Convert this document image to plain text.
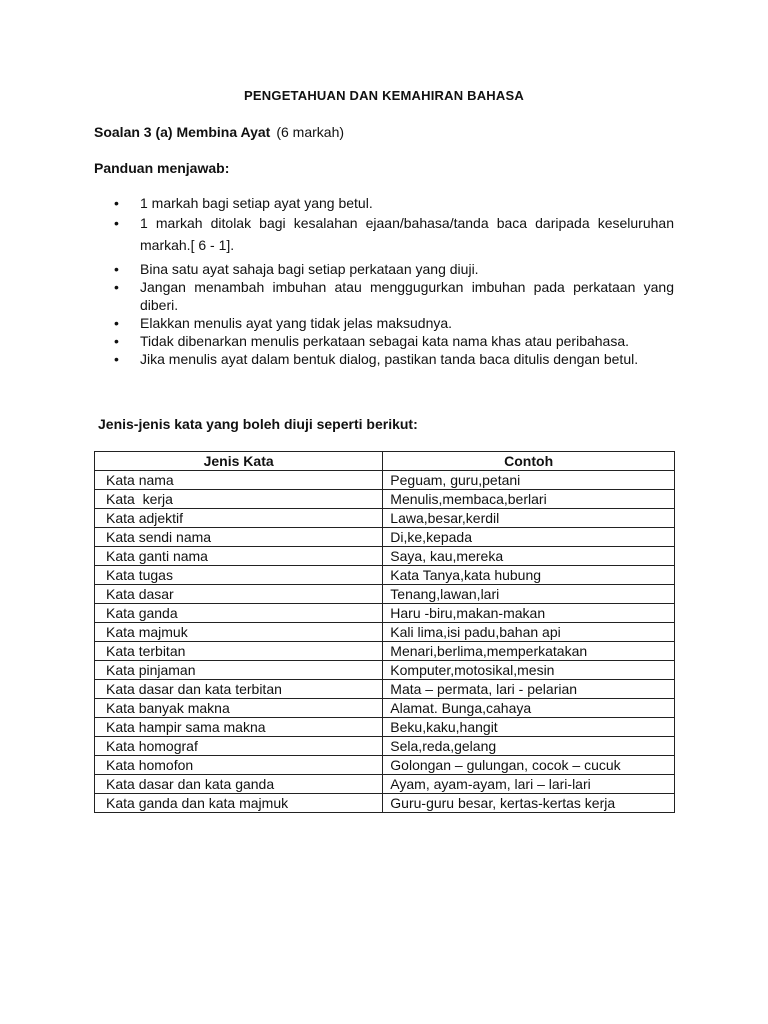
PENGETAHUAN DAN KEMAHIRAN BAHASA
Soalan 3 (a) Membina Ayat (6 markah)
Panduan menjawab:
• 1 markah bagi setiap ayat yang betul.
• 1 markah ditolak bagi kesalahan ejaan/bahasa/tanda baca daripada keseluruhan markah.[ 6 - 1].
• Bina satu ayat sahaja bagi setiap perkataan yang diuji.
• Jangan menambah imbuhan atau menggugurkan imbuhan pada perkataan yang diberi.
• Elakkan menulis ayat yang tidak jelas maksudnya.
• Tidak dibenarkan menulis perkataan sebagai kata nama khas atau peribahasa.
• Jika menulis ayat dalam bentuk dialog, pastikan tanda baca ditulis dengan betul.
Jenis-jenis kata yang boleh diuji seperti berikut:
Jenis Kata	Contoh
Kata nama	Peguam, guru,petani
Kata  kerja	Menulis,membaca,berlari
Kata adjektif	Lawa,besar,kerdil
Kata sendi nama	Di,ke,kepada
Kata ganti nama	Saya, kau,mereka
Kata tugas	Kata Tanya,kata hubung
Kata dasar	Tenang,lawan,lari
Kata ganda	Haru -biru,makan-makan
Kata majmuk	Kali lima,isi padu,bahan api
Kata terbitan	Menari,berlima,memperkatakan
Kata pinjaman	Komputer,motosikal,mesin
Kata dasar dan kata terbitan	Mata – permata, lari - pelarian
Kata banyak makna	Alamat. Bunga,cahaya
Kata hampir sama makna	Beku,kaku,hangit
Kata homograf	Sela,reda,gelang
Kata homofon	Golongan – gulungan, cocok – cucuk
Kata dasar dan kata ganda	Ayam, ayam-ayam, lari – lari-lari
Kata ganda dan kata majmuk	Guru-guru besar, kertas-kertas kerja
